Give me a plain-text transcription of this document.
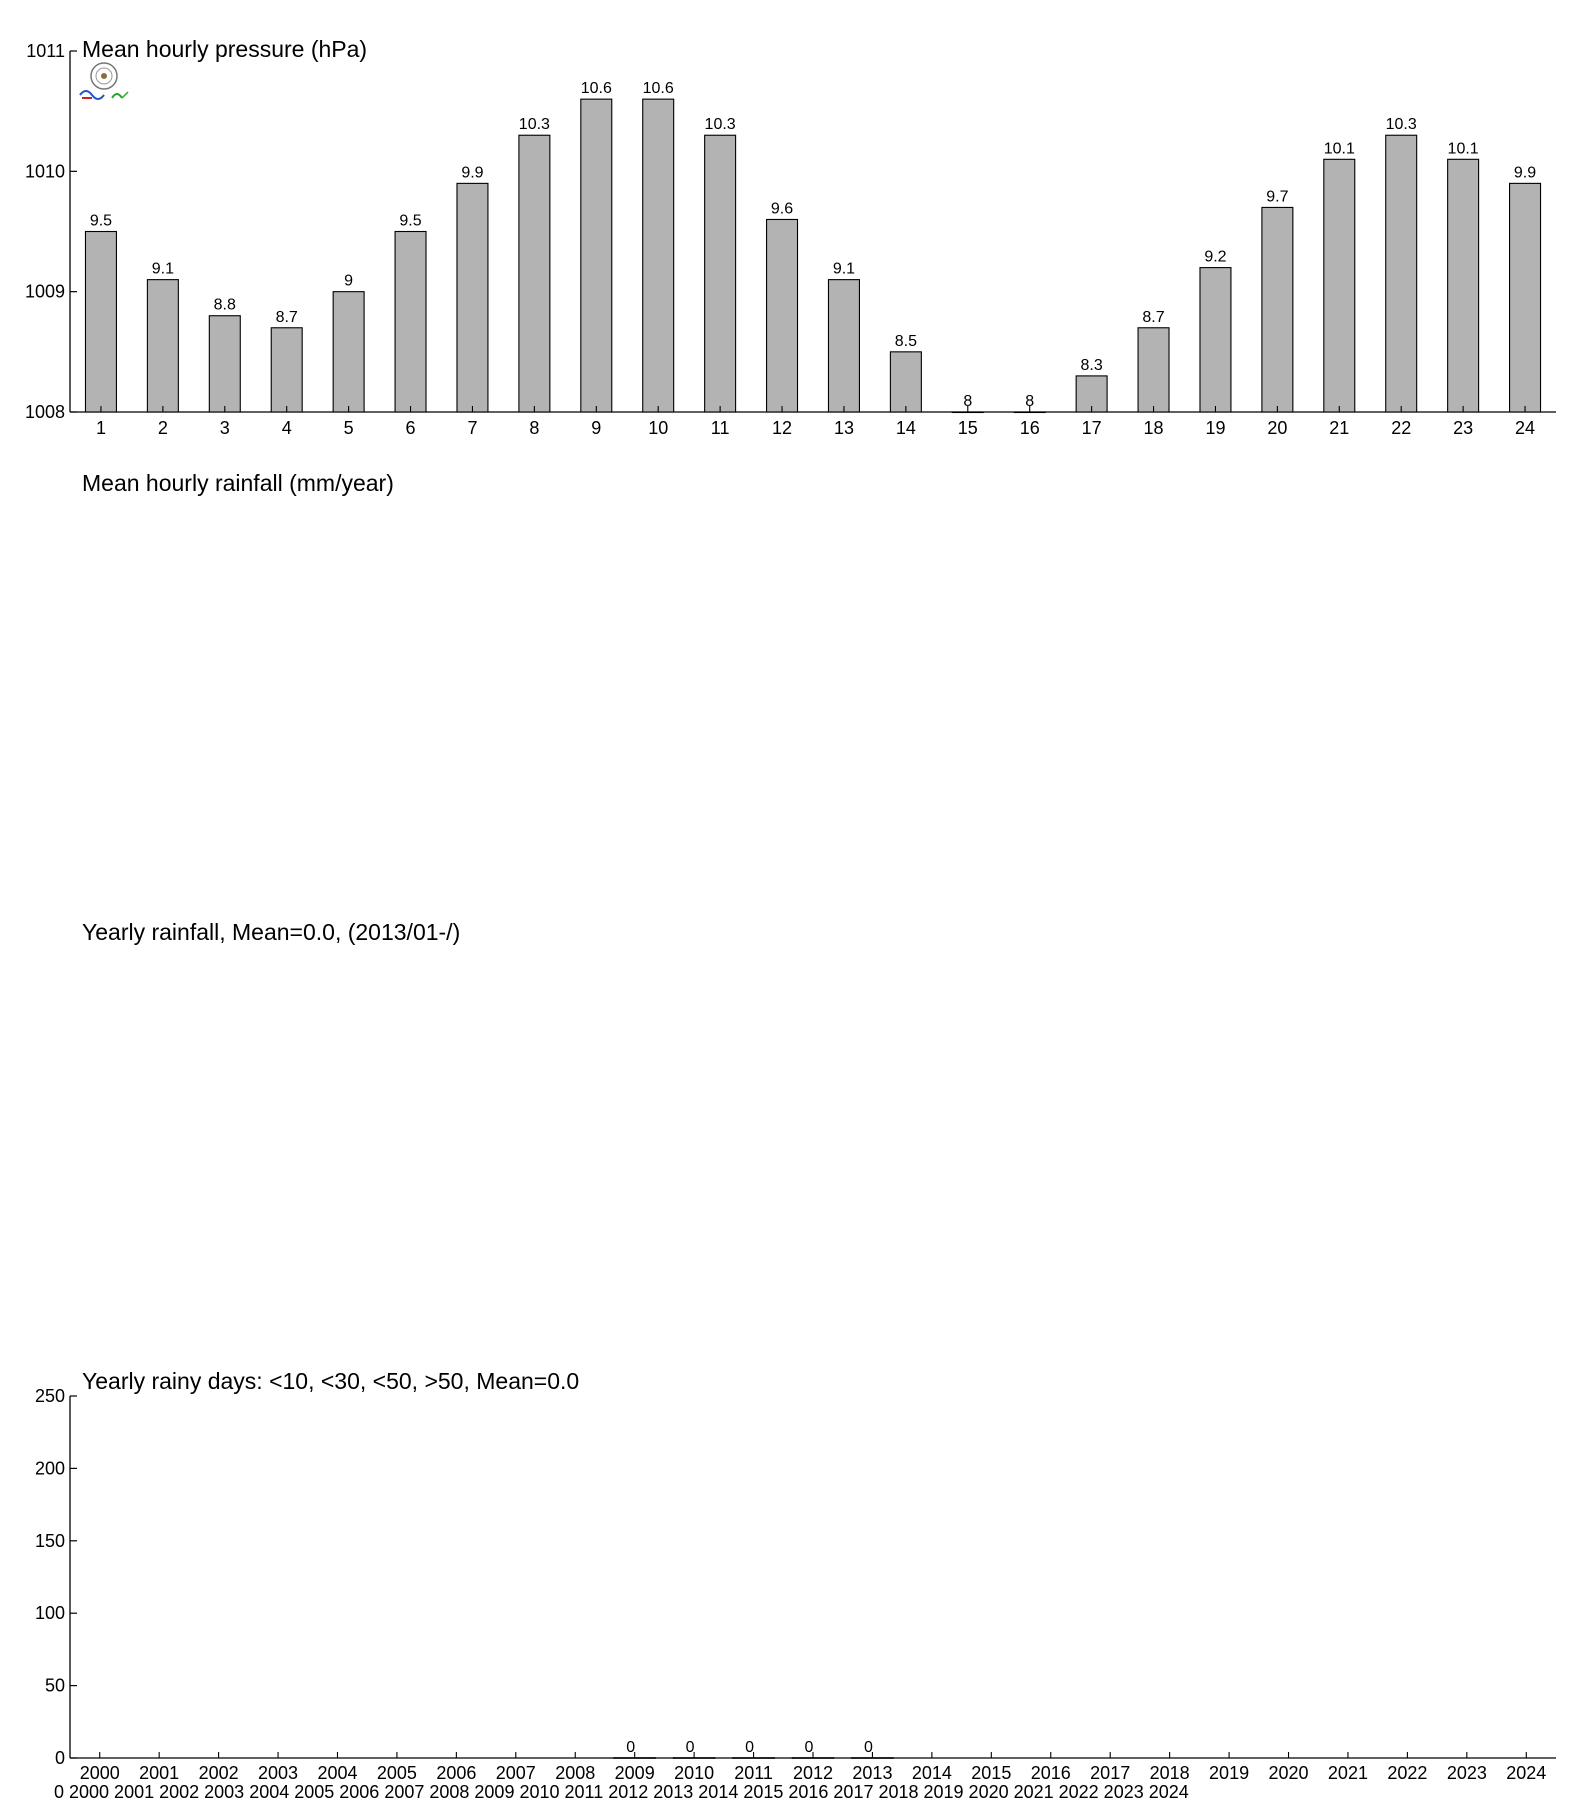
Mean hourly pressure (hPa)
9.5
9.1
8.8
8.7
9
9.5
9.9
10.3
10.6 10.6
10.3
9.6
9.1
8.5
8	8
8.3
8.7
9.2
9.7
10.1
10.3
10.1
9.9
1	2	3	4	5	6	7	8	9	10 11 12 13 14 15 16 17 18 19 20 21 22 23 24
1008
1009
1010
1011
Mean hourly rainfall (mm/year)
Yearly rainfall, Mean=0.0, (2013/01-/)
Yearly rainy days: <10, <30, <50, >50, Mean=0.0
0	0	0	0	0
2000 2001 2002 2003 2004 2005 2006 2007 2008 2009 2010 2011 2012 2013 2014 2015 2016 2017 2018 2019 2020 2021 2022 2023 2024
0
50
100
150
200
250
0 2000 2001 2002 2003 2004 2005 2006 2007 2008 2009 2010 2011 2012 2013 2014 2015 2016 2017 2018 2019 2020 2021 2022 2023 2024
